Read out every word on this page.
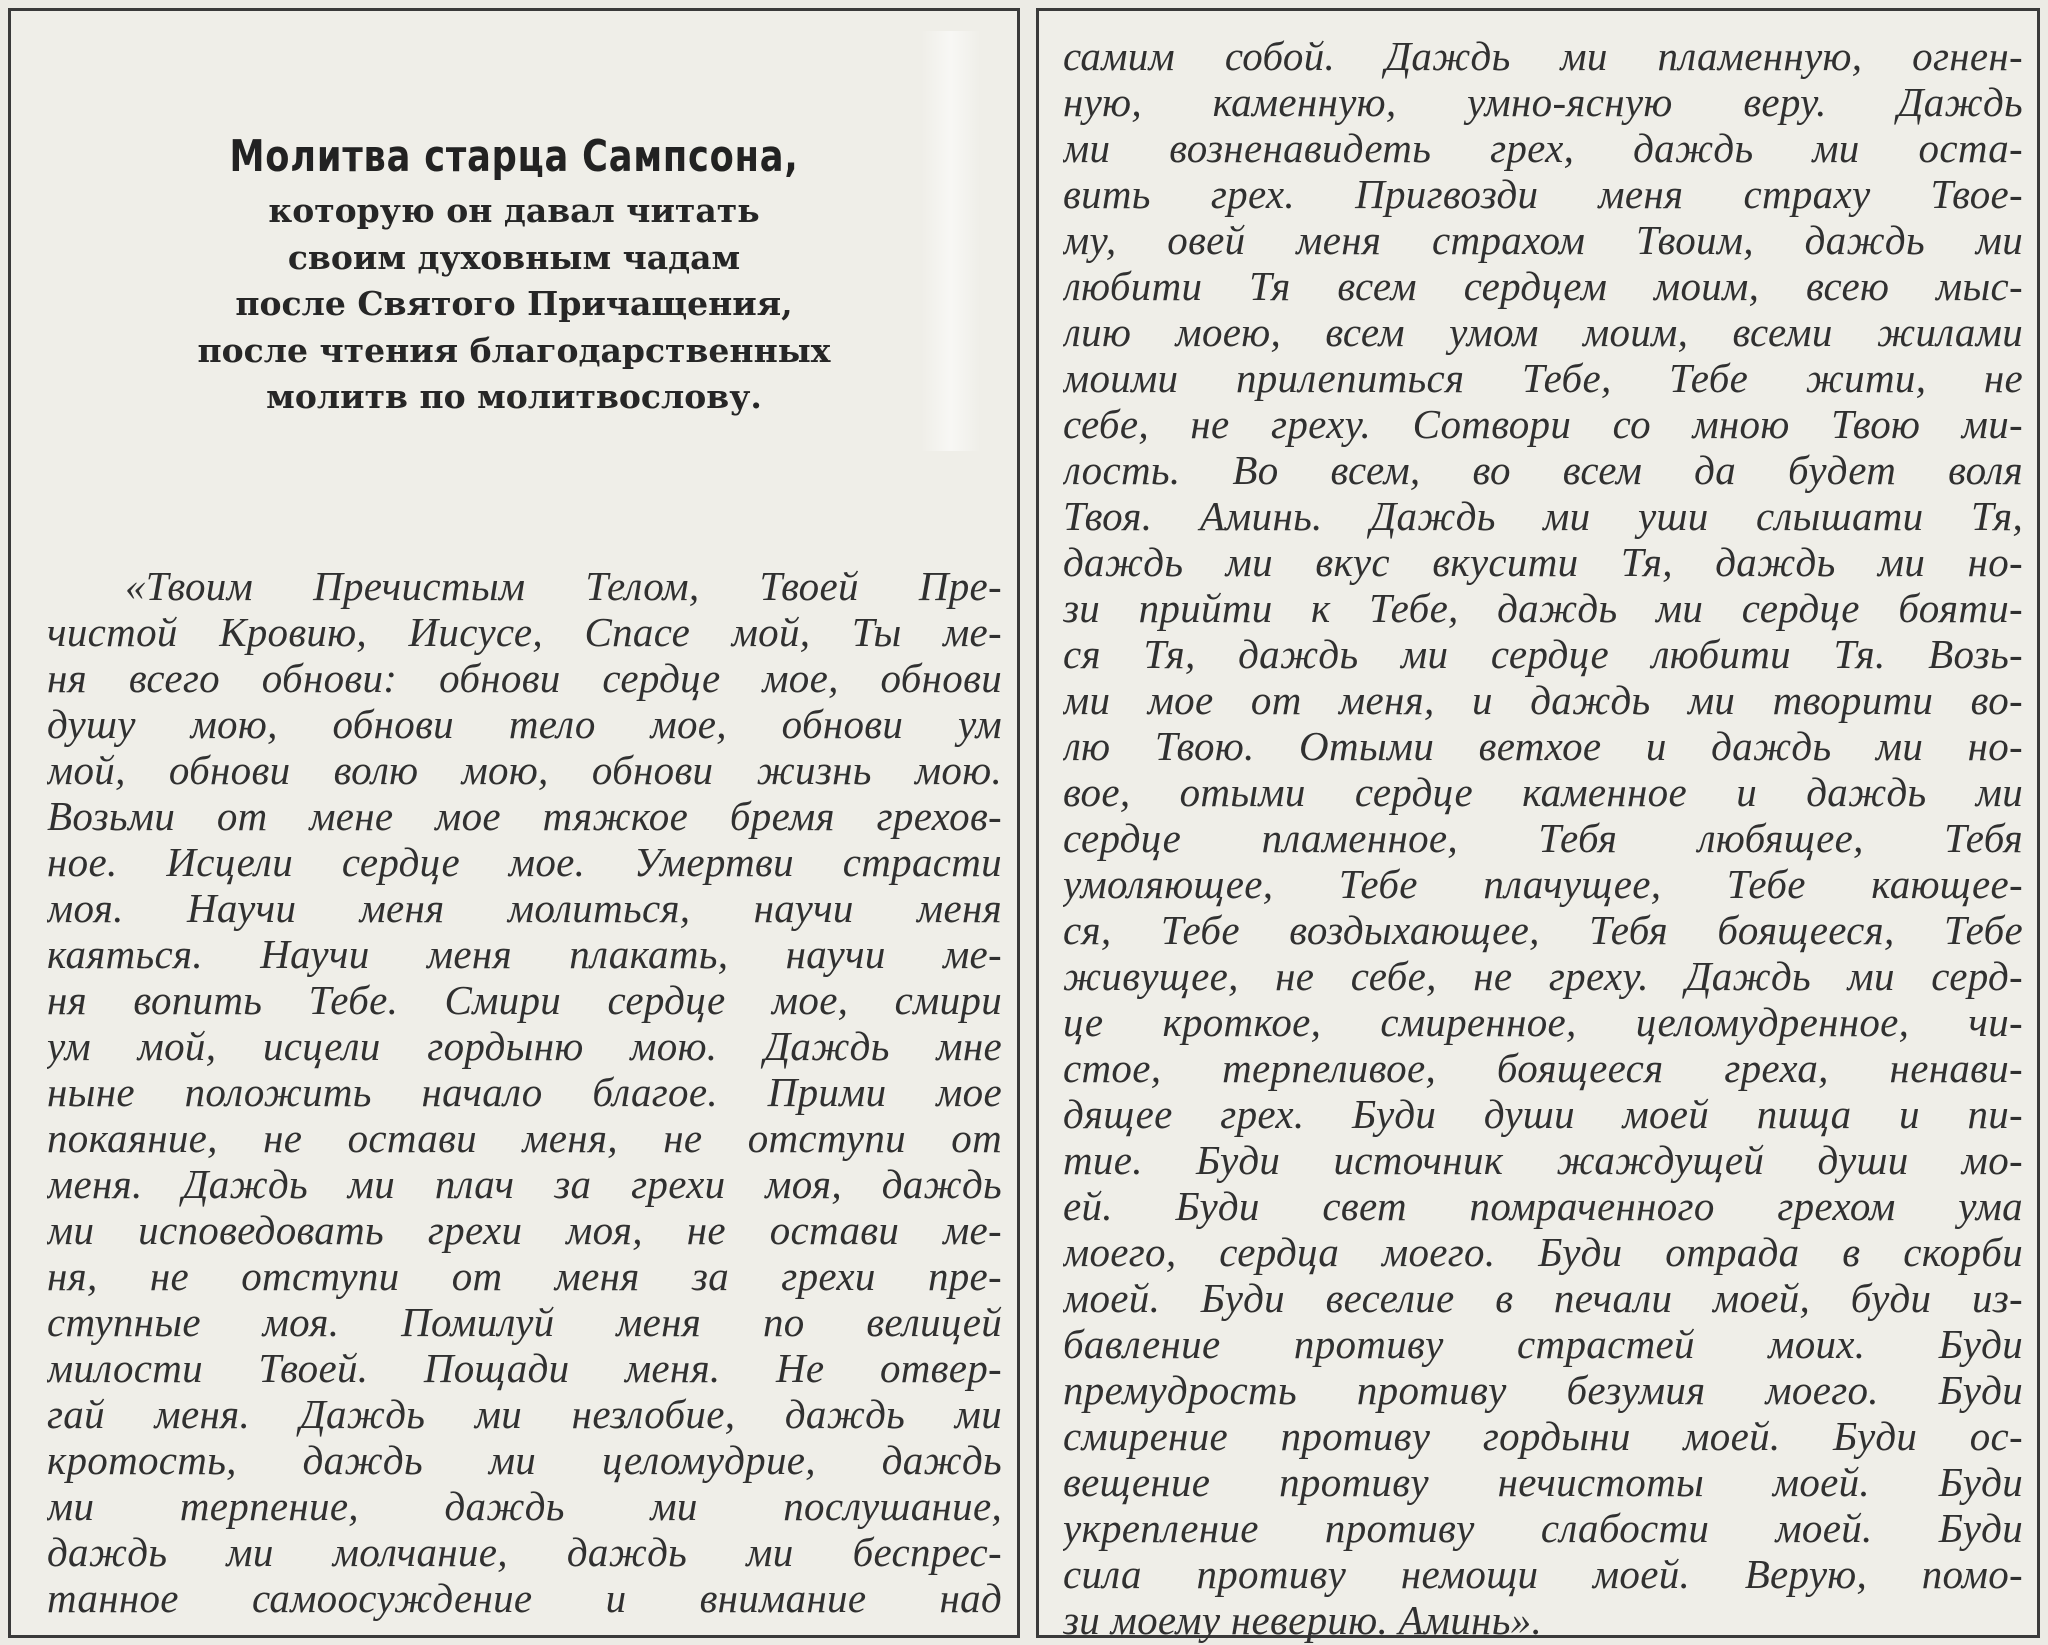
Молитва старца Сампсона,
которую он давал читать
своим духовным чадам
после Святого Причащения,
после чтения благодарственных
молитв по молитвослову.
«Твоим Пречистым Телом, Твоей Пре-
чистой Кровию, Иисусе, Спасе мой, Ты ме-
ня всего обнови: обнови сердце мое, обнови
душу мою, обнови тело мое, обнови ум
мой, обнови волю мою, обнови жизнь мою.
Возьми от мене мое тяжкое бремя грехов-
ное. Исцели сердце мое. Умертви страсти
моя. Научи меня молиться, научи меня
каяться. Научи меня плакать, научи ме-
ня вопить Тебе. Смири сердце мое, смири
ум мой, исцели гордыню мою. Даждь мне
ныне положить начало благое. Прими мое
покаяние, не остави меня, не отступи от
меня. Даждь ми плач за грехи моя, даждь
ми исповедовать грехи моя, не остави ме-
ня, не отступи от меня за грехи пре-
ступные моя. Помилуй меня по велицей
милости Твоей. Пощади меня. Не отвер-
гай меня. Даждь ми незлобие, даждь ми
кротость, даждь ми целомудрие, даждь
ми терпение, даждь ми послушание,
даждь ми молчание, даждь ми беспрес-
танное самоосуждение и внимание над
самим собой. Даждь ми пламенную, огнен-
ную, каменную, умно-ясную веру. Даждь
ми возненавидеть грех, даждь ми оста-
вить грех. Пригвозди меня страху Твое-
му, овей меня страхом Твоим, даждь ми
любити Тя всем сердцем моим, всею мыс-
лию моею, всем умом моим, всеми жилами
моими прилепиться Тебе, Тебе жити, не
себе, не греху. Сотвори со мною Твою ми-
лость. Во всем, во всем да будет воля
Твоя. Аминь. Даждь ми уши слышати Тя,
даждь ми вкус вкусити Тя, даждь ми но-
зи прийти к Тебе, даждь ми сердце бояти-
ся Тя, даждь ми сердце любити Тя. Возь-
ми мое от меня, и даждь ми творити во-
лю Твою. Отыми ветхое и даждь ми но-
вое, отыми сердце каменное и даждь ми
сердце пламенное, Тебя любящее, Тебя
умоляющее, Тебе плачущее, Тебе кающее-
ся, Тебе воздыхающее, Тебя боящееся, Тебе
живущее, не себе, не греху. Даждь ми серд-
це кроткое, смиренное, целомудренное, чи-
стое, терпеливое, боящееся греха, ненави-
дящее грех. Буди души моей пища и пи-
тие. Буди источник жаждущей души мо-
ей. Буди свет помраченного грехом ума
моего, сердца моего. Буди отрада в скорби
моей. Буди веселие в печали моей, буди из-
бавление противу страстей моих. Буди
премудрость противу безумия моего. Буди
смирение противу гордыни моей. Буди ос-
вещение противу нечистоты моей. Буди
укрепление противу слабости моей. Буди
сила противу немощи моей. Верую, помо-
зи моему неверию. Аминь».
